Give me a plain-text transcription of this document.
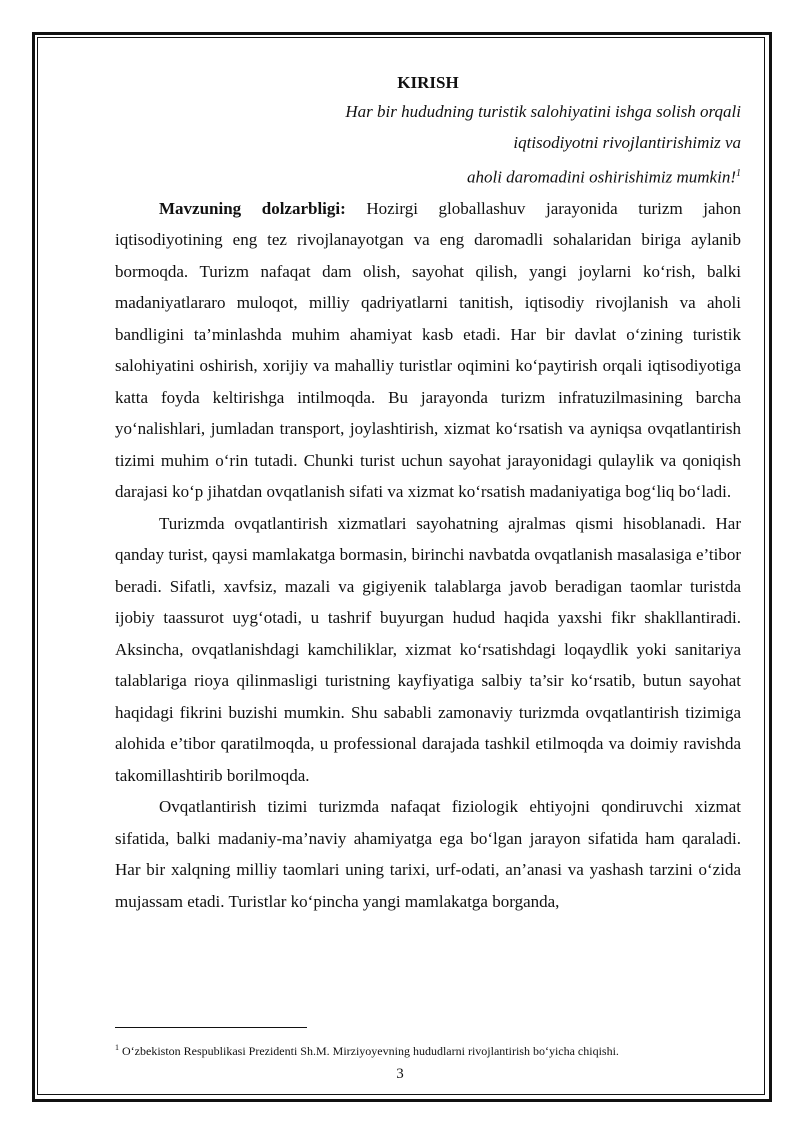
KIRISH
Har bir hududning turistik salohiyatini ishga solish orqali
iqtisodiyotni rivojlantirishimiz va
aholi daromadini oshirishimiz mumkin!$^1$

Mavzuning dolzarbligi: Hozirgi globallashuv jarayonida turizm jahon iqtisodiyotining eng tez rivojlanayotgan va eng daromadli sohalaridan biriga aylanib bormoqda. Turizm nafaqat dam olish, sayohat qilish, yangi joylarni ko‘rish, balki madaniyatlararo muloqot, milliy qadriyatlarni tanitish, iqtisodiy rivojlanish va aholi bandligini ta’minlashda muhim ahamiyat kasb etadi. Har bir davlat o‘zining turistik salohiyatini oshirish, xorijiy va mahalliy turistlar oqimini ko‘paytirish orqali iqtisodiyotiga katta foyda keltirishga intilmoqda. Bu jarayonda turizm infratuzilmasining barcha yo‘nalishlari, jumladan transport, joylashtirish, xizmat ko‘rsatish va ayniqsa ovqatlantirish tizimi muhim o‘rin tutadi. Chunki turist uchun sayohat jarayonidagi qulaylik va qoniqish darajasi ko‘p jihatdan ovqatlanish sifati va xizmat ko‘rsatish madaniyatiga bog‘liq bo‘ladi.

Turizmda ovqatlantirish xizmatlari sayohatning ajralmas qismi hisoblanadi. Har qanday turist, qaysi mamlakatga bormasin, birinchi navbatda ovqatlanish masalasiga e’tibor beradi. Sifatli, xavfsiz, mazali va gigiyenik talablarga javob beradigan taomlar turistda ijobiy taassurot uyg‘otadi, u tashrif buyurgan hudud haqida yaxshi fikr shakllantiradi. Aksincha, ovqatlanishdagi kamchiliklar, xizmat ko‘rsatishdagi loqaydlik yoki sanitariya talablariga rioya qilinmasligi turistning kayfiyatiga salbiy ta’sir ko‘rsatib, butun sayohat haqidagi fikrini buzishi mumkin. Shu sababli zamonaviy turizmda ovqatlantirish tizimiga alohida e’tibor qaratilmoqda, u professional darajada tashkil etilmoqda va doimiy ravishda takomillashtirib borilmoqda.

Ovqatlantirish tizimi turizmda nafaqat fiziologik ehtiyojni qondiruvchi xizmat sifatida, balki madaniy-ma’naviy ahamiyatga ega bo‘lgan jarayon sifatida ham qaraladi. Har bir xalqning milliy taomlari uning tarixi, urf-odati, an’anasi va yashash tarzini o‘zida mujassam etadi. Turistlar ko‘pincha yangi mamlakatga borganda,

$^1$ O‘zbekiston Respublikasi Prezidenti Sh.M. Mirziyoyevning hududlarni rivojlantirish bo‘yicha chiqishi.
3
